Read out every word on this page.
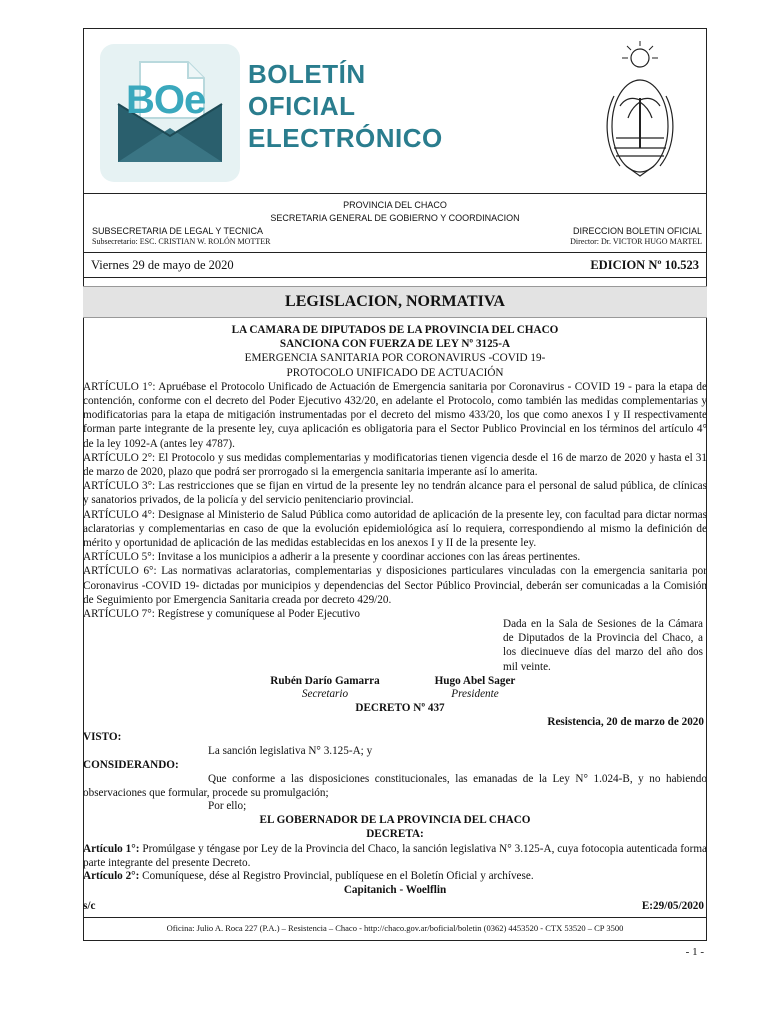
BOe
BOLETÍN
OFICIAL
ELECTRÓNICO
PROVINCIA DEL CHACO
SECRETARIA GENERAL DE GOBIERNO Y COORDINACION
SUBSECRETARIA DE LEGAL Y TECNICA
Subsecretario: ESC. CRISTIAN W. ROLÓN MOTTER
DIRECCION BOLETIN OFICIAL
Director: Dr. VICTOR HUGO MARTEL
Viernes 29 de mayo de 2020	EDICION Nº 10.523
LEGISLACION, NORMATIVA

LA CAMARA DE DIPUTADOS DE LA PROVINCIA DEL CHACO

SANCIONA CON FUERZA DE LEY Nº 3125-A

EMERGENCIA SANITARIA POR CORONAVIRUS -COVID 19-

PROTOCOLO UNIFICADO DE ACTUACIÓN

ARTÍCULO 1°: Apruébase el Protocolo Unificado de Actuación de Emergencia sanitaria por Coronavirus - COVID 19 - para la etapa de contención, conforme con el decreto del Poder Ejecutivo 432/20, en adelante el Protocolo, como también las medidas complementarias y modificatorias para la etapa de mitigación instrumentadas por el decreto del mismo 433/20, los que como anexos I y II respectivamente forman parte integrante de la presente ley, cuya aplicación es obligatoria para el Sector Publico Provincial en los términos del artículo 4° de la ley 1092-A (antes ley 4787).

ARTÍCULO 2°: El Protocolo y sus medidas complementarias y modificatorias tienen vigencia desde el 16 de marzo de 2020 y hasta el 31 de marzo de 2020, plazo que podrá ser prorrogado si la emergencia sanitaria imperante así lo amerita.

ARTÍCULO 3°: Las restricciones que se fijan en virtud de la presente ley no tendrán alcance para el personal de salud pública, de clínicas y sanatorios privados, de la policía y del servicio penitenciario provincial.

ARTÍCULO 4°: Designase al Ministerio de Salud Pública como autoridad de aplicación de la presente ley, con facultad para dictar normas aclaratorias y complementarias en caso de que la evolución epidemiológica así lo requiera, correspondiendo al mismo la definición de mérito y oportunidad de aplicación de las medidas establecidas en los anexos I y II de la presente ley.

ARTÍCULO 5°: Invitase a los municipios a adherir a la presente y coordinar acciones con las áreas pertinentes.

ARTÍCULO 6°: Las normativas aclaratorias, complementarias y disposiciones particulares vinculadas con la emergencia sanitaria por Coronavirus -COVID 19- dictadas por municipios y dependencias del Sector Público Provincial, deberán ser comunicadas a la Comisión de Seguimiento por Emergencia Sanitaria creada por decreto 429/20.

ARTÍCULO 7°: Regístrese y comuníquese al Poder Ejecutivo

Dada en la Sala de Sesiones de la Cámara de Diputados de la Provincia del Chaco, a los diecinueve días del marzo del año dos mil veinte.
Rubén Darío Gamarra
Secretario
Hugo Abel Sager
Presidente
DECRETO Nº 437
Resistencia, 20 de marzo de 2020
VISTO:
La sanción legislativa N° 3.125-A; y
CONSIDERANDO:
Que conforme a las disposiciones constitucionales, las emanadas de la Ley N° 1.024-B, y no habiendo observaciones que formular, procede su promulgación;
Por ello;
EL GOBERNADOR DE LA PROVINCIA DEL CHACO
DECRETA:
Artículo 1°: Promúlgase y téngase por Ley de la Provincia del Chaco, la sanción legislativa N° 3.125-A, cuya fotocopia autenticada forma parte integrante del presente Decreto.
Artículo 2°: Comuníquese, dése al Registro Provincial, publíquese en el Boletín Oficial y archívese.
Capitanich - Woelflin
s/c	E:29/05/2020
Oficina: Julio A. Roca 227 (P.A.) – Resistencia – Chaco - http://chaco.gov.ar/boficial/boletin (0362) 4453520 - CTX 53520 – CP 3500
- 1 -
